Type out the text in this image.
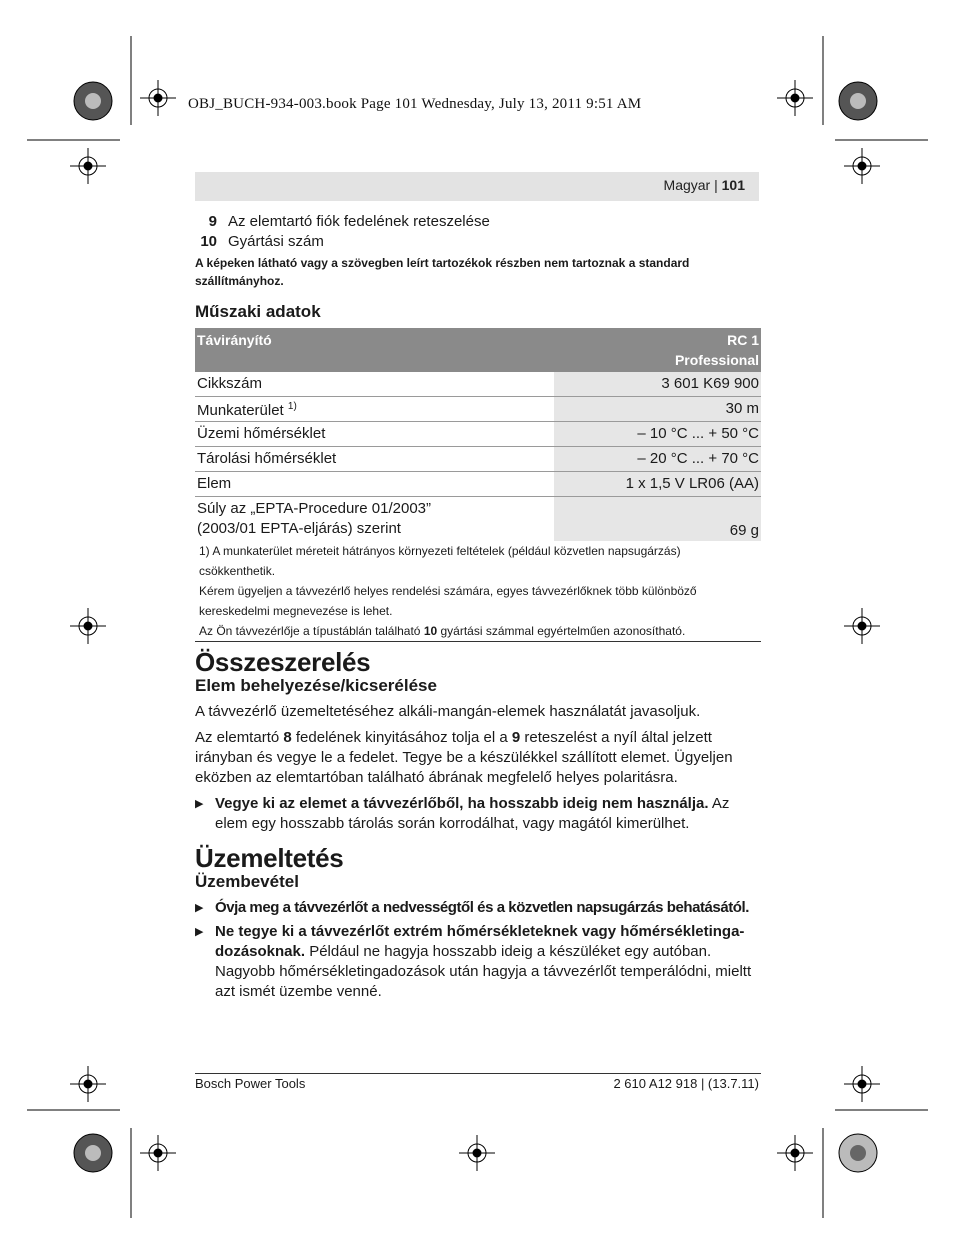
OBJ_BUCH-934-003.book Page 101 Wednesday, July 13, 2011 9:51 AM
Magyar | 101
9 Az elemtartó fiók fedelének reteszelése
10 Gyártási szám
A képeken látható vagy a szövegben leírt tartozékok részben nem tartoznak a standard szállítmányhoz.
Műszaki adatok
Távirányító	RC 1
Professional
Cikkszám	3 601 K69 900
Munkaterület $^{1)}$	30 m
Üzemi hőmérséklet	– 10 °C ... + 50 °C
Tárolási hőmérséklet	– 20 °C ... + 70 °C
Elem	1 x 1,5 V LR06 (AA)
Súly az „EPTA-Procedure 01/2003”
(2003/01 EPTA-eljárás) szerint	69 g

1) A munkaterület méreteit hátrányos környezeti feltételek (például közvetlen napsugárzás) csökkenthetik.

Kérem ügyeljen a távvezérlő helyes rendelési számára, egyes távvezérlőknek több különböző kereskedelmi megnevezése is lehet.

Az Ön távvezérlője a típustáblán található 10 gyártási számmal egyértelműen azonosítható.

Összeszerelés
Elem behelyezése/kicserélése

A távvezérlő üzemeltetéséhez alkáli-mangán-elemek használatát javasoljuk.

Az elemtartó 8 fedelének kinyitásához tolja el a 9 reteszelést a nyíl által jelzett irányban és vegye le a fedelet. Tegye be a készülékkel szállított elemet. Ügyeljen eközben az elemtartóban található ábrának megfelelő helyes polaritásra.

▶ Vegye ki az elemet a távvezérlőből, ha hosszabb ideig nem használja. Az elem egy hosszabb tárolás során korrodálhat, vagy magától kimerülhet.
Üzemeltetés
Üzembevétel
▶ Óvja meg a távvezérlőt a nedvességtől és a közvetlen napsugárzás behatásától.
▶ Ne tegye ki a távvezérlőt extrém hőmérsékleteknek vagy hőmérsékletinga-dozásoknak. Például ne hagyja hosszabb ideig a készüléket egy autóban. Nagyobb hőmérsékletingadozások után hagyja a távvezérlőt temperálódni, mieltt azt ismét üzembe venné.
Bosch Power Tools	2 610 A12 918 | (13.7.11)
